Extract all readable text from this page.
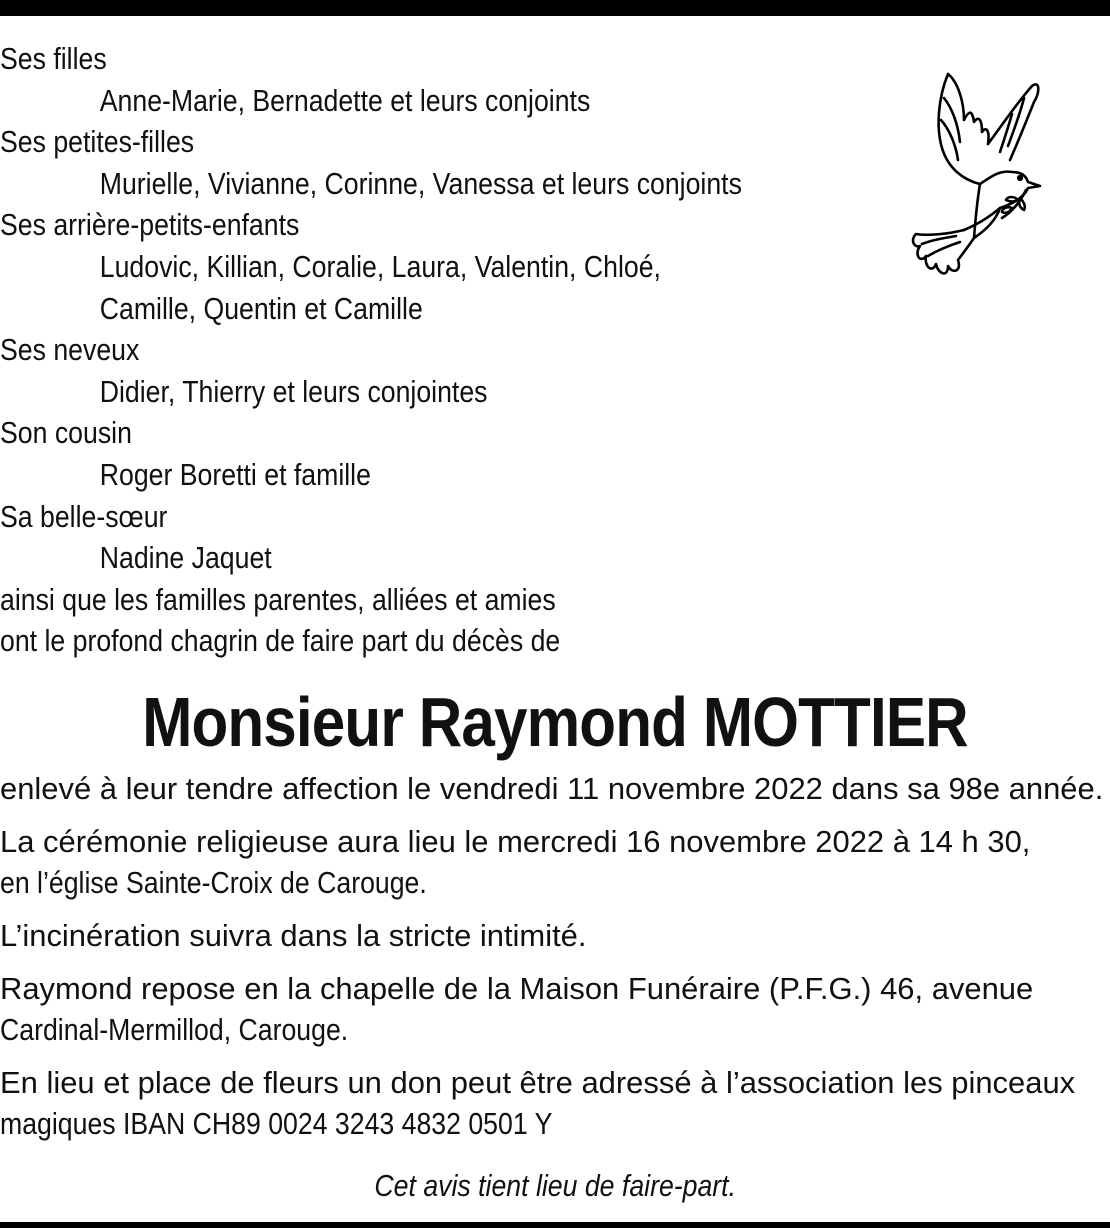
Ses filles
Anne-Marie, Bernadette et leurs conjoints
Ses petites-filles
Murielle, Vivianne, Corinne, Vanessa et leurs conjoints
Ses arrière-petits-enfants
Ludovic, Killian, Coralie, Laura, Valentin, Chloé,
Camille, Quentin et Camille
Ses neveux
Didier, Thierry et leurs conjointes
Son cousin
Roger Boretti et famille
Sa belle-sœur
Nadine Jaquet
ainsi que les familles parentes, alliées et amies
ont le profond chagrin de faire part du décès de
Monsieur Raymond MOTTIER
enlevé à leur tendre affection le vendredi 11 novembre 2022 dans sa 98e année.
La cérémonie religieuse aura lieu le mercredi 16 novembre 2022 à 14 h 30,
en l’église Sainte-Croix de Carouge.
L’incinération suivra dans la stricte intimité.
Raymond repose en la chapelle de la Maison Funéraire (P.F.G.) 46, avenue
Cardinal-Mermillod, Carouge.
En lieu et place de fleurs un don peut être adressé à l’association les pinceaux
magiques IBAN CH89 0024 3243 4832 0501 Y
Cet avis tient lieu de faire-part.
